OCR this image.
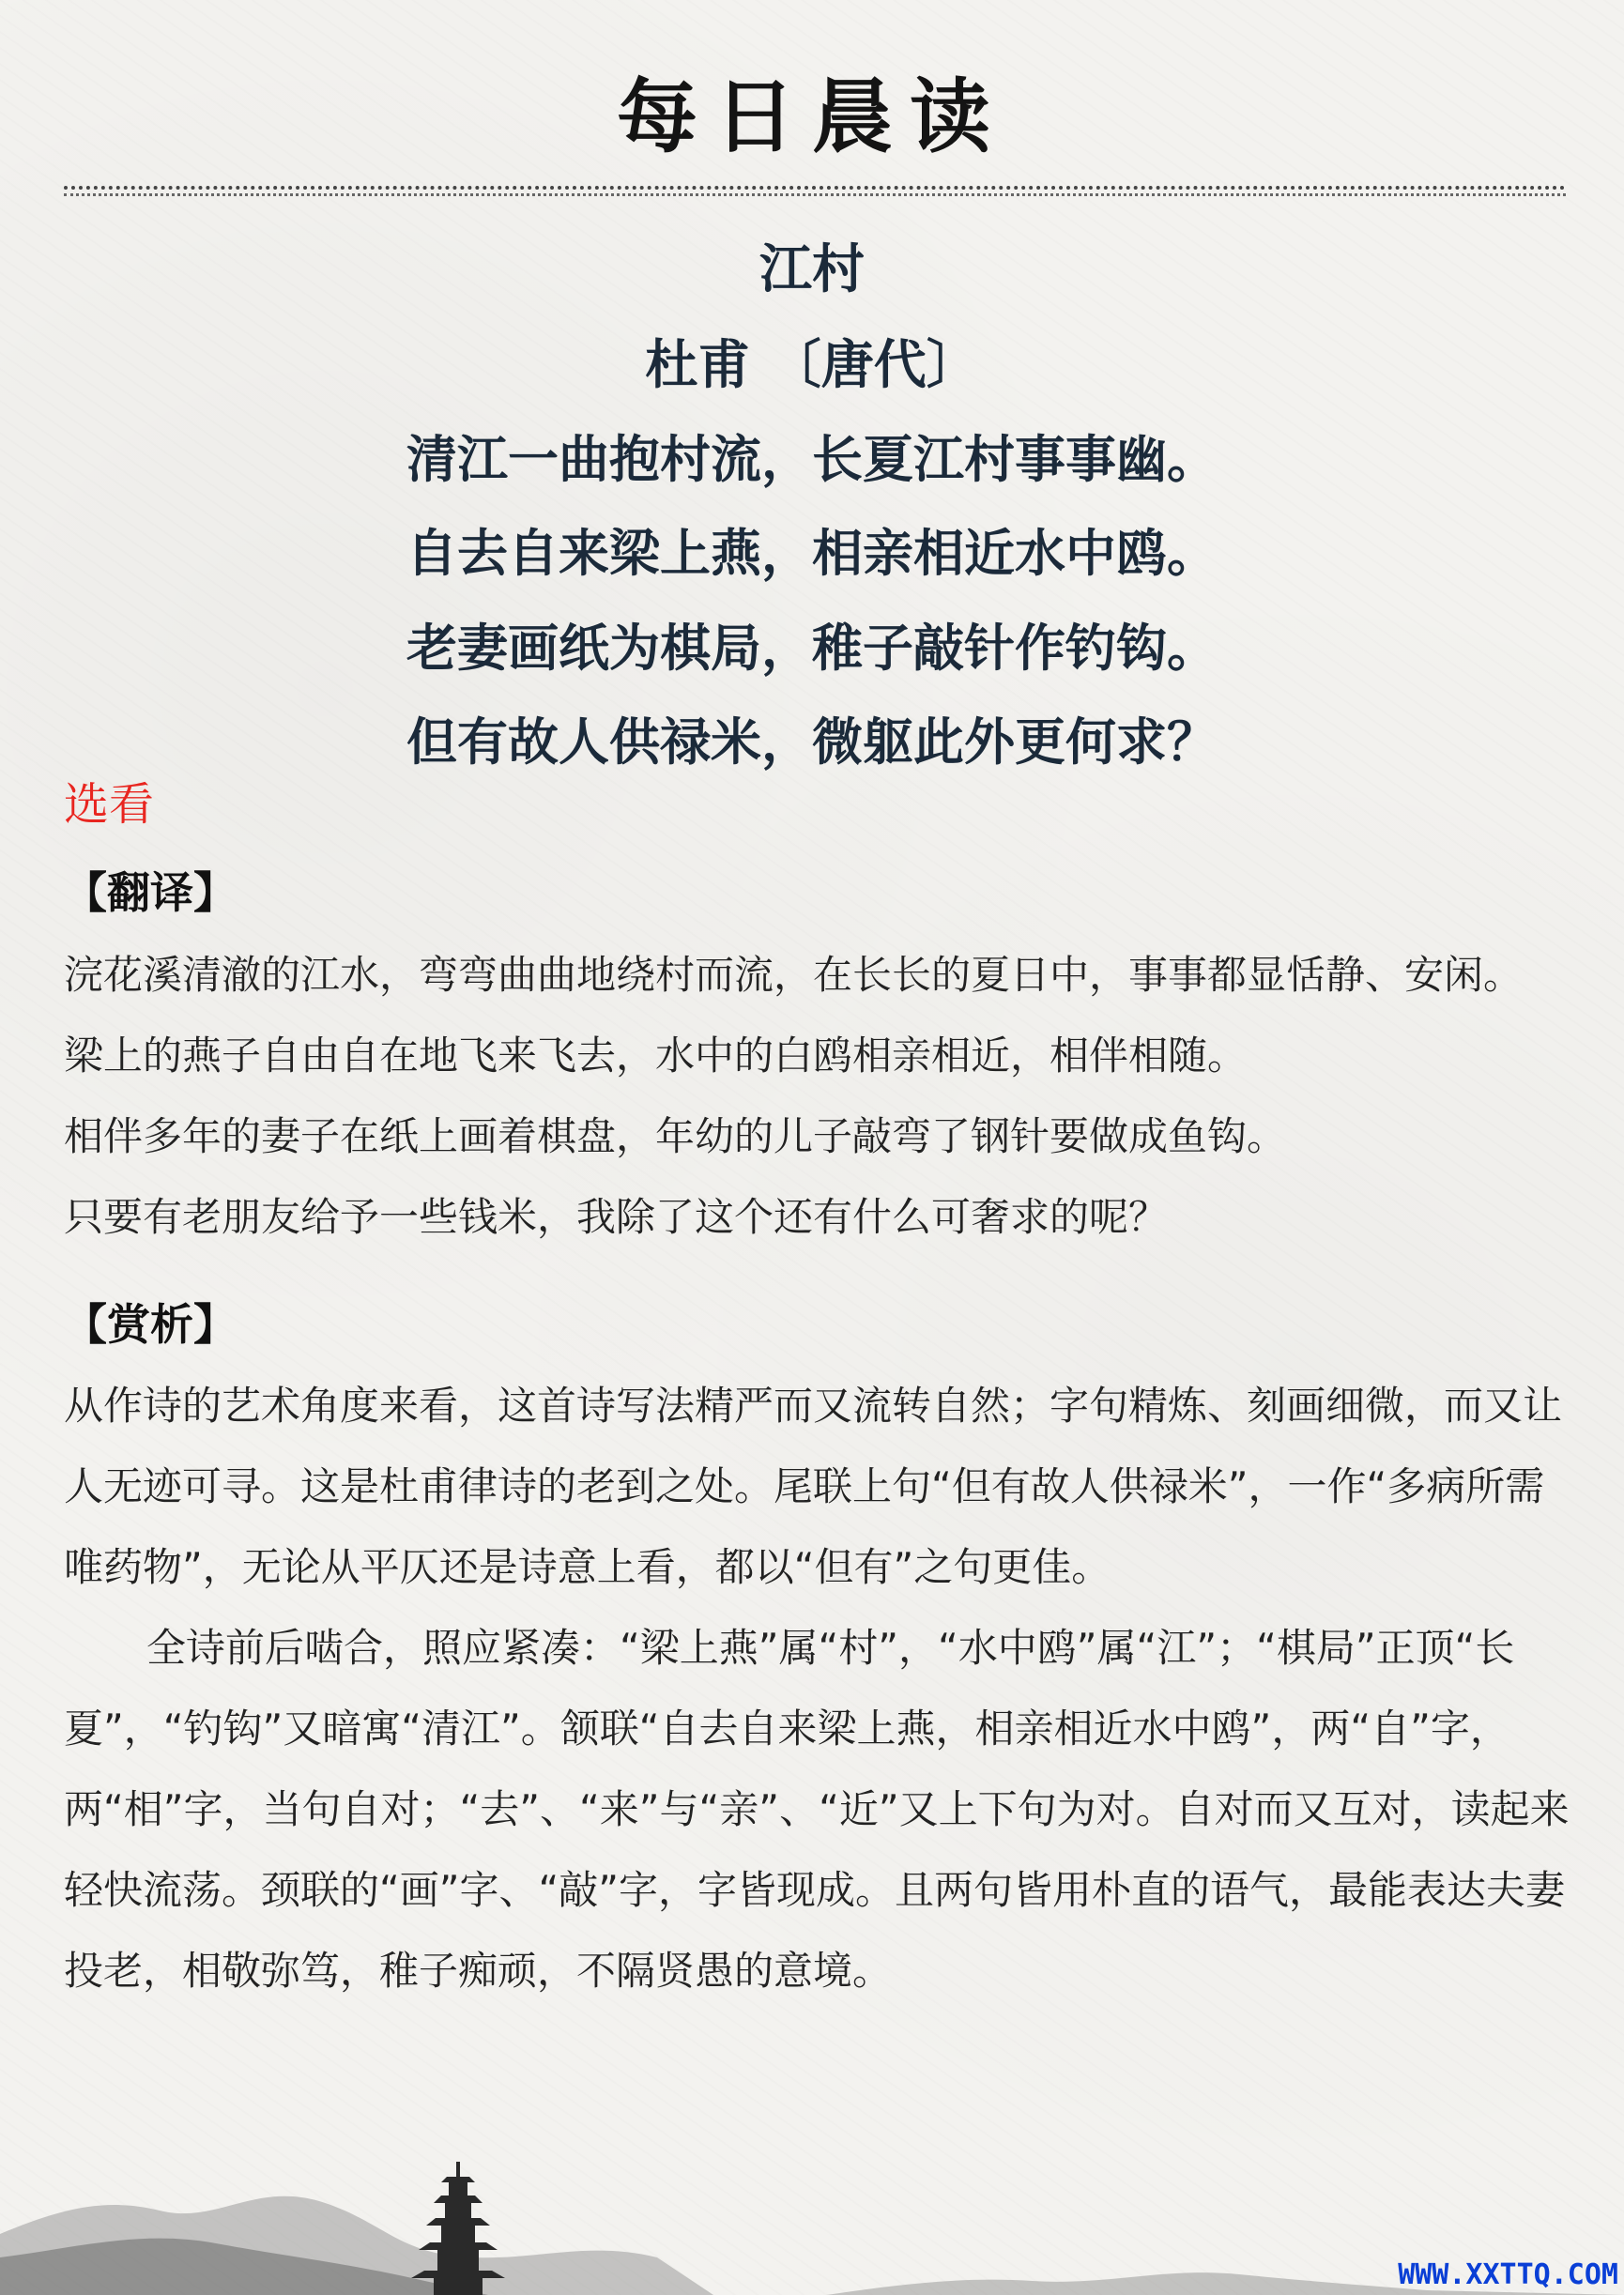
每日晨读
江村
杜甫 〔唐代〕
清江一曲抱村流，长夏江村事事幽。
自去自来梁上燕，相亲相近水中鸥。
老妻画纸为棋局，稚子敲针作钓钩。
但有故人供禄米，微躯此外更何求？
选看
【翻译】
浣花溪清澈的江水，弯弯曲曲地绕村而流，在长长的夏日中，事事都显恬静、安闲。
梁上的燕子自由自在地飞来飞去，水中的白鸥相亲相近，相伴相随。
相伴多年的妻子在纸上画着棋盘，年幼的儿子敲弯了钢针要做成鱼钩。
只要有老朋友给予一些钱米，我除了这个还有什么可奢求的呢？
【赏析】

从作诗的艺术角度来看，这首诗写法精严而又流转自然；字句精炼、刻画细微，而又让人无迹可寻。这是杜甫律诗的老到之处。尾联上句“但有故人供禄米”，一作“多病所需唯药物”，无论从平仄还是诗意上看，都以“但有”之句更佳。

全诗前后啮合，照应紧凑：“梁上燕”属“村”，“水中鸥”属“江”；“棋局”正顶“长夏”，“钓钩”又暗寓“清江”。颔联“自去自来梁上燕，相亲相近水中鸥”，两“自”字，两“相”字，当句自对；“去”、“来”与“亲”、“近”又上下句为对。自对而又互对，读起来轻快流荡。颈联的“画”字、“敲”字，字皆现成。且两句皆用朴直的语气，最能表达夫妻投老，相敬弥笃，稚子痴顽，不隔贤愚的意境。

WWW.XXTTQ.COM
